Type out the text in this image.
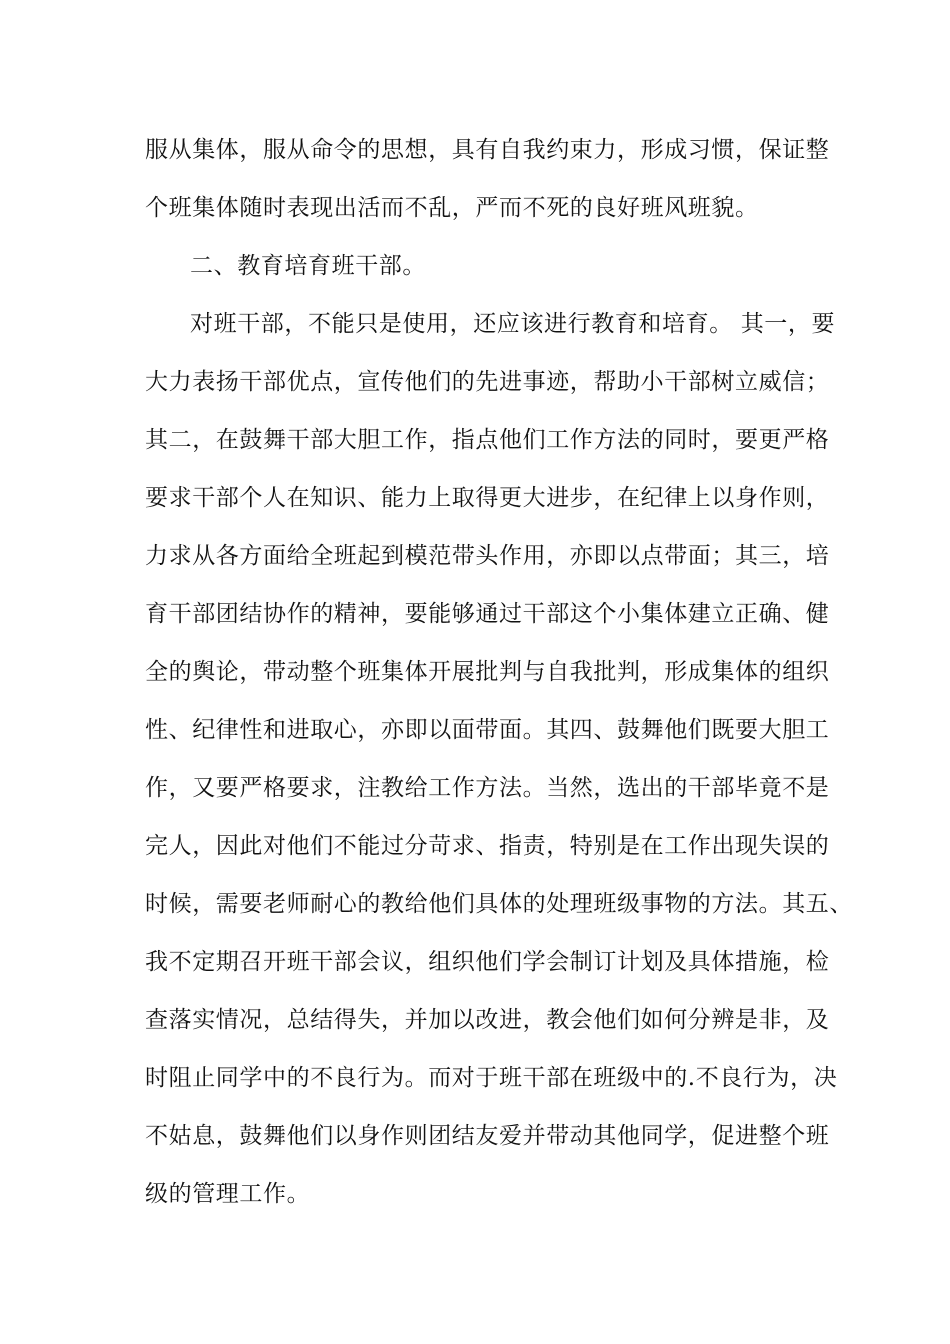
服从集体，服从命令的思想，具有自我约束力，形成习惯，保证整
个班集体随时表现出活而不乱，严而不死的良好班风班貌。
二、教育培育班干部。
对班干部，不能只是使用，还应该进行教育和培育。 其一，要
大力表扬干部优点，宣传他们的先进事迹，帮助小干部树立威信；
其二，在鼓舞干部大胆工作，指点他们工作方法的同时，要更严格
要求干部个人在知识、能力上取得更大进步，在纪律上以身作则，
力求从各方面给全班起到模范带头作用，亦即以点带面；其三，培
育干部团结协作的精神，要能够通过干部这个小集体建立正确、健
全的舆论，带动整个班集体开展批判与自我批判，形成集体的组织
性、纪律性和进取心，亦即以面带面。其四、鼓舞他们既要大胆工
作，又要严格要求，注教给工作方法。当然，选出的干部毕竟不是
完人，因此对他们不能过分苛求、指责，特别是在工作出现失误的
时候，需要老师耐心的教给他们具体的处理班级事物的方法。其五、
我不定期召开班干部会议，组织他们学会制订计划及具体措施，检
查落实情况，总结得失，并加以改进，教会他们如何分辨是非，及
时阻止同学中的不良行为。而对于班干部在班级中的.不良行为，决
不姑息，鼓舞他们以身作则团结友爱并带动其他同学，促进整个班
级的管理工作。
